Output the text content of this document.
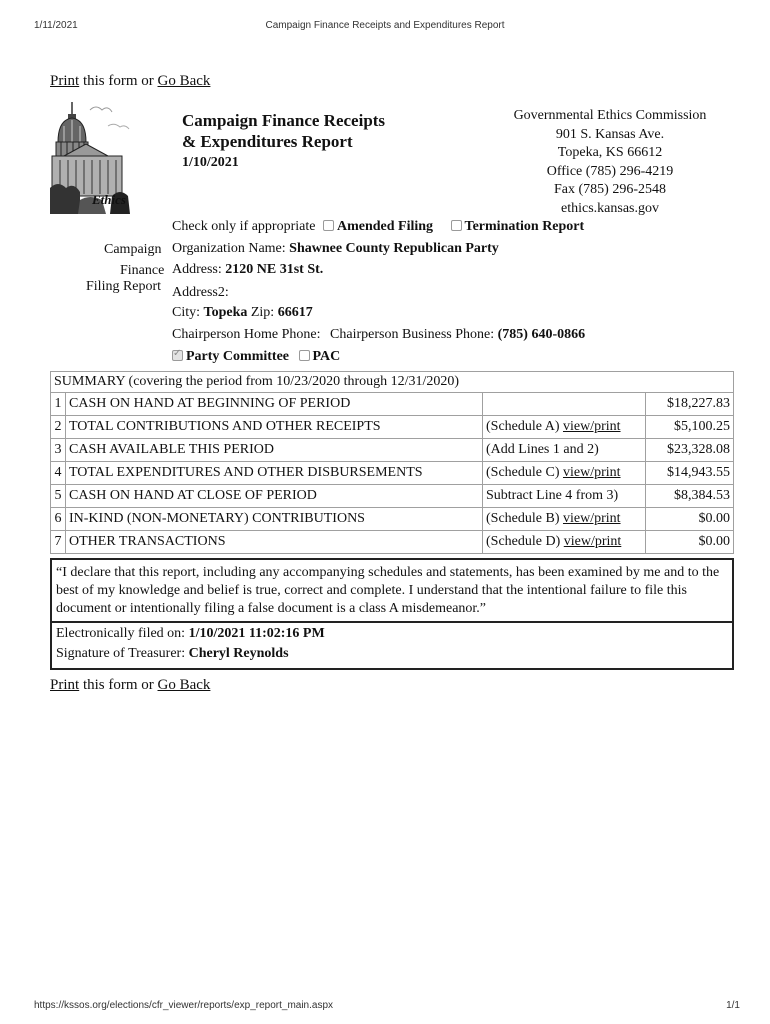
1/11/2021	Campaign Finance Receipts and Expenditures Report
Print this form or Go Back
Ethics
Campaign Finance Receipts
& Expenditures Report
1/10/2021
Governmental Ethics Commission
901 S. Kansas Ave.
Topeka, KS 66612
Office (785) 296-4219
Fax (785) 296-2548
ethics.kansas.gov
Check only if appropriate Amended Filing Termination Report
Campaign
Finance
Filing Report
Organization Name: Shawnee County Republican Party
Address: 2120 NE 31st St.
Address2:
City: Topeka Zip: 66617
Chairperson Home Phone: Chairperson Business Phone: (785) 640-0866
✓Party Committee PAC
SUMMARY (covering the period from 10/23/2020 through 12/31/2020)			
1	CASH ON HAND AT BEGINNING OF PERIOD		$18,227.83
2	TOTAL CONTRIBUTIONS AND OTHER RECEIPTS	(Schedule A) view/print	$5,100.25
3	CASH AVAILABLE THIS PERIOD	(Add Lines 1 and 2)	$23,328.08
4	TOTAL EXPENDITURES AND OTHER DISBURSEMENTS	(Schedule C) view/print	$14,943.55
5	CASH ON HAND AT CLOSE OF PERIOD	Subtract Line 4 from 3)	$8,384.53
6	IN-KIND (NON-MONETARY) CONTRIBUTIONS	(Schedule B) view/print	$0.00
7	OTHER TRANSACTIONS	(Schedule D) view/print	$0.00
“I declare that this report, including any accompanying schedules and statements, has been examined by me and to the best of my knowledge and belief is true, correct and complete. I understand that the intentional failure to file this document or intentionally filing a false document is a class A misdemeanor.”
Electronically filed on: 1/10/2021 11:02:16 PM
Signature of Treasurer: Cheryl Reynolds
Print this form or Go Back
https://kssos.org/elections/cfr_viewer/reports/exp_report_main.aspx	1/1
